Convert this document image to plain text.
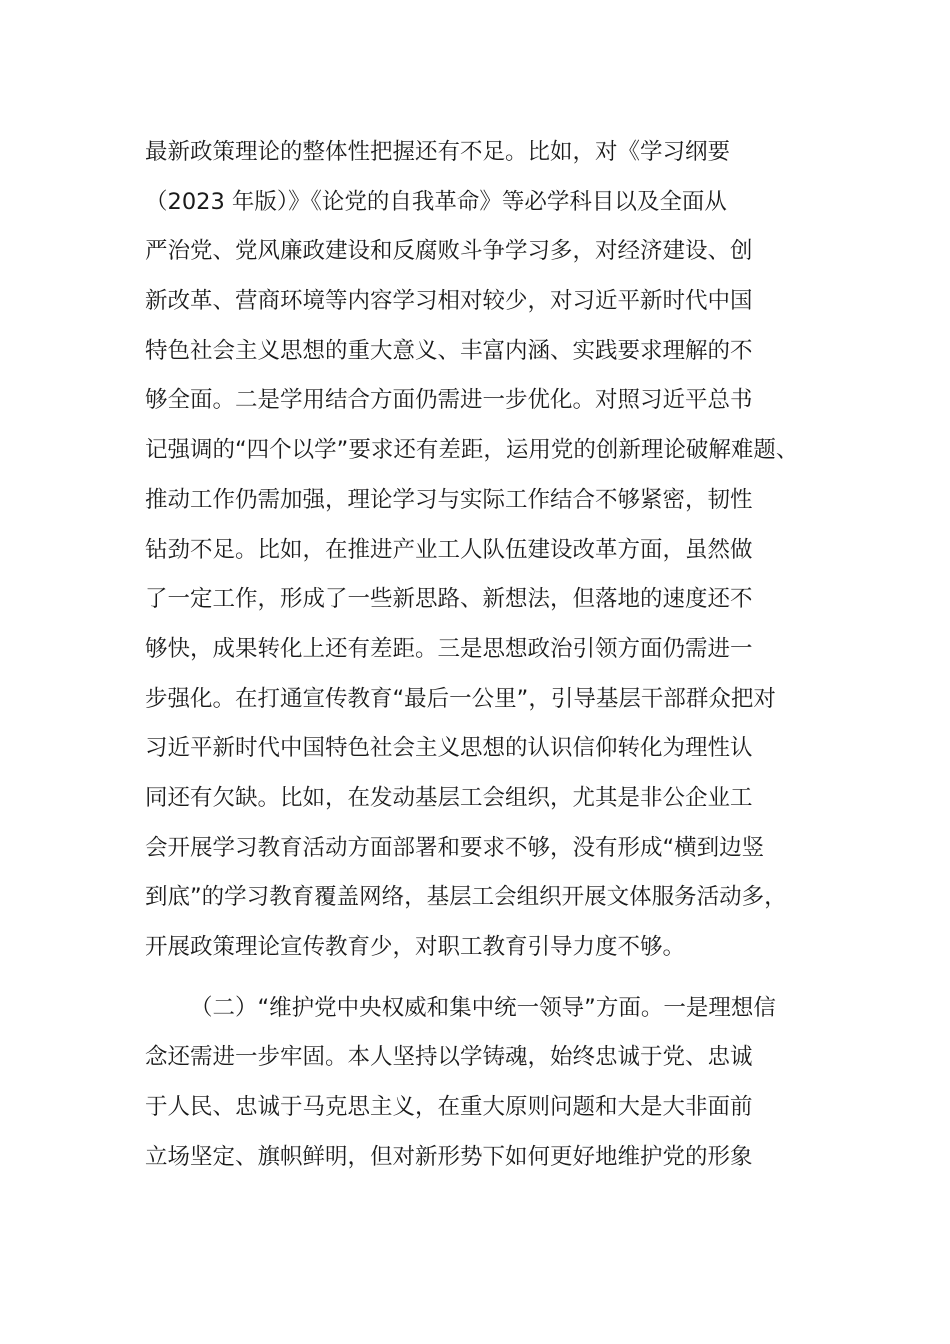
最新政策理论的整体性把握还有不足。比如，对《学习纲要
（2023 年版）》《论党的自我革命》等必学科目以及全面从
严治党、党风廉政建设和反腐败斗争学习多，对经济建设、创
新改革、营商环境等内容学习相对较少，对习近平新时代中国
特色社会主义思想的重大意义、丰富内涵、实践要求理解的不
够全面。二是学用结合方面仍需进一步优化。对照习近平总书
记强调的“四个以学”要求还有差距，运用党的创新理论破解难题、
推动工作仍需加强，理论学习与实际工作结合不够紧密，韧性
钻劲不足。比如，在推进产业工人队伍建设改革方面，虽然做
了一定工作，形成了一些新思路、新想法，但落地的速度还不
够快，成果转化上还有差距。三是思想政治引领方面仍需进一
步强化。在打通宣传教育“最后一公里”，引导基层干部群众把对
习近平新时代中国特色社会主义思想的认识信仰转化为理性认
同还有欠缺。比如，在发动基层工会组织，尤其是非公企业工
会开展学习教育活动方面部署和要求不够，没有形成“横到边竖
到底”的学习教育覆盖网络，基层工会组织开展文体服务活动多，
开展政策理论宣传教育少，对职工教育引导力度不够。
（二）“维护党中央权威和集中统一领导”方面。一是理想信
念还需进一步牢固。本人坚持以学铸魂，始终忠诚于党、忠诚
于人民、忠诚于马克思主义，在重大原则问题和大是大非面前
立场坚定、旗帜鲜明，但对新形势下如何更好地维护党的形象
